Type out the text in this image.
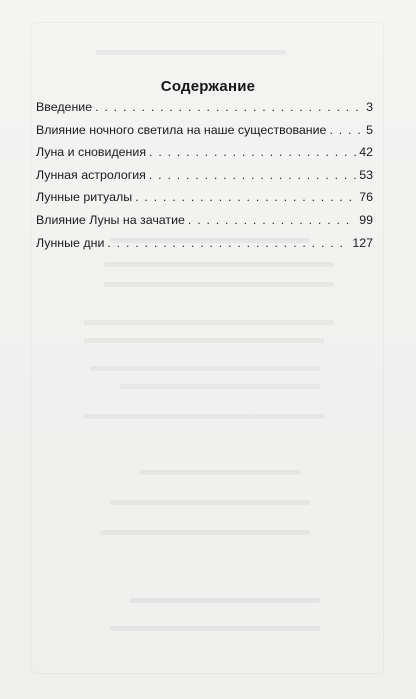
Содержание
Введение . . .	3
Влияние ночного светила на наше существование . . .	5
Луна и сновидения . . .	42
Лунная астрология . . .	53
Лунные ритуалы . . .	76
Влияние Луны на зачатие . . .	99
Лунные дни . . .	127
